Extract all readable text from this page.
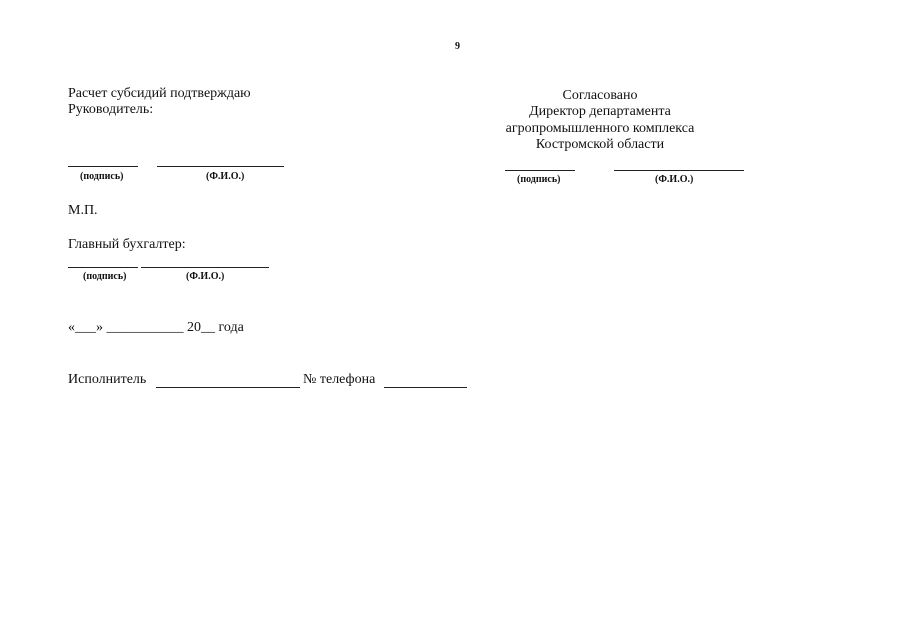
9
Расчет субсидий подтверждаю
Руководитель:
(подпись)	(Ф.И.О.)
Согласовано
Директор департамента
агропромышленного комплекса
Костромской области
(подпись)	(Ф.И.О.)
М.П.
Главный бухгалтер:
(подпись)	(Ф.И.О.)
«___» ___________ 20__ года
Исполнитель	№ телефона
